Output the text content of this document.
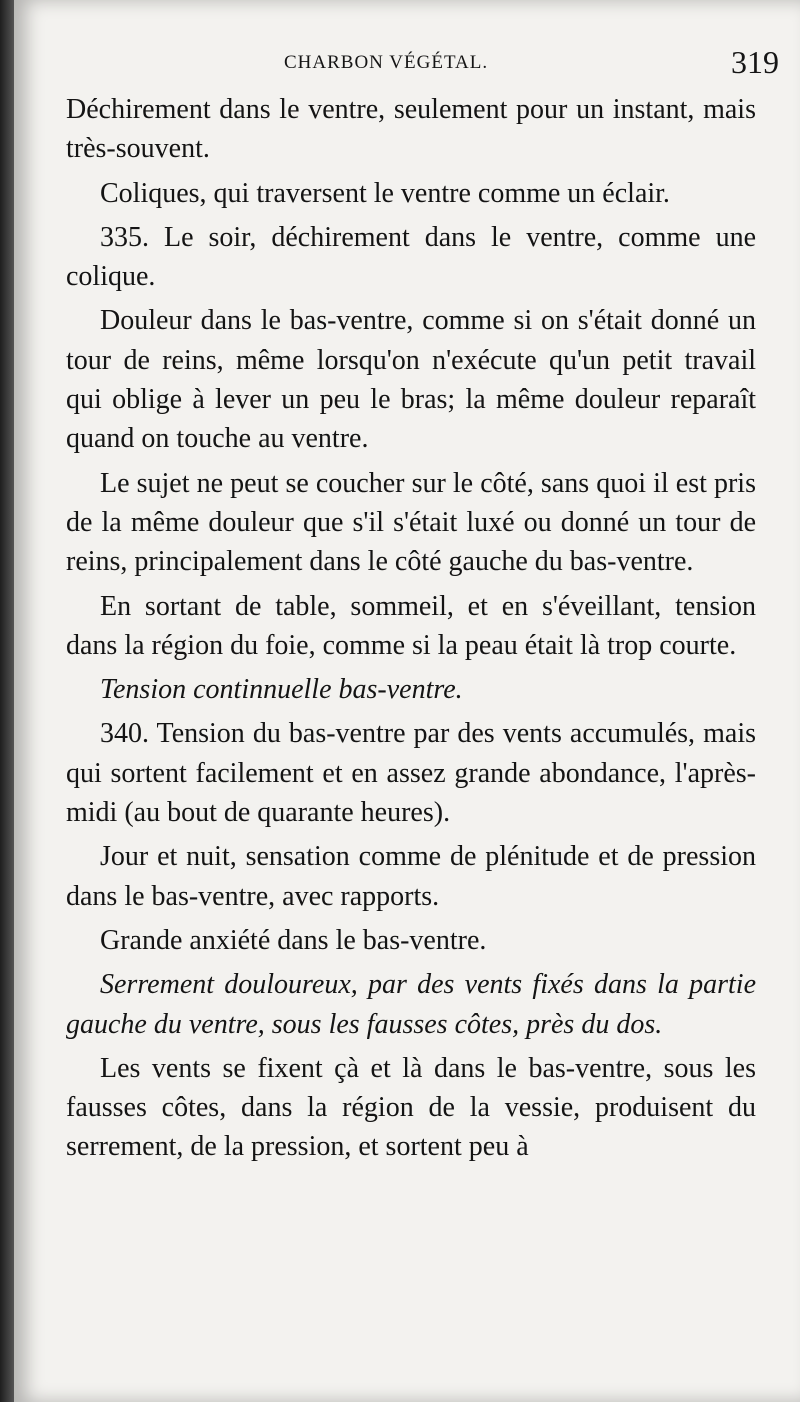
CHARBON VÉGÉTAL.	319

Déchirement dans le ventre, seulement pour un instant, mais très-souvent.

Coliques, qui traversent le ventre comme un éclair.

335. Le soir, déchirement dans le ventre, comme une colique.

Douleur dans le bas-ventre, comme si on s'était donné un tour de reins, même lorsqu'on n'exécute qu'un petit travail qui oblige à lever un peu le bras; la même douleur reparaît quand on touche au ventre.

Le sujet ne peut se coucher sur le côté, sans quoi il est pris de la même douleur que s'il s'était luxé ou donné un tour de reins, principalement dans le côté gauche du bas-ventre.

En sortant de table, sommeil, et en s'éveillant, tension dans la région du foie, comme si la peau était là trop courte.

Tension continnuelle bas-ventre.

340. Tension du bas-ventre par des vents accumulés, mais qui sortent facilement et en assez grande abondance, l'après-midi (au bout de quarante heures).

Jour et nuit, sensation comme de plénitude et de pression dans le bas-ventre, avec rapports.

Grande anxiété dans le bas-ventre.

Serrement douloureux, par des vents fixés dans la partie gauche du ventre, sous les fausses côtes, près du dos.

Les vents se fixent çà et là dans le bas-ventre, sous les fausses côtes, dans la région de la vessie, produisent du serrement, de la pression, et sortent peu à
